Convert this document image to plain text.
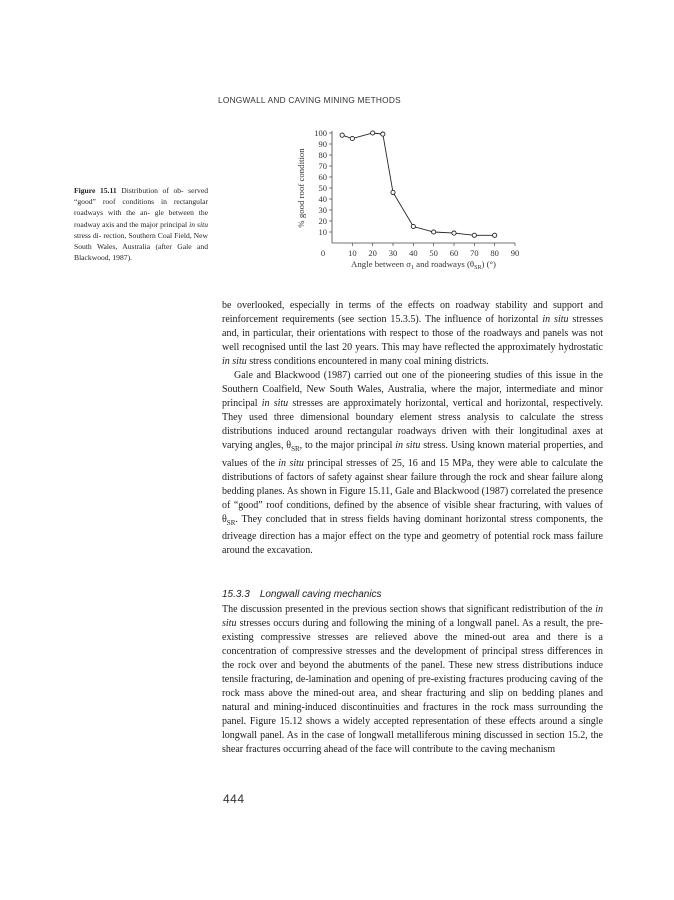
LONGWALL AND CAVING MINING METHODS
Figure 15.11 Distribution of ob- served “good” roof conditions in rectangular roadways with the an- gle between the roadway axis and the major principal in situ stress di- rection, Southern Coal Field, New South Wales, Australia (after Gale and Blackwood, 1987).
10
20
30
40
50
60
70
80
90
100
10 20 30 40 50 60 70 80 90
0
Angle between $\sigma_1$ and roadways $(\theta_{SR})$ (°)
% good roof condition

be overlooked, especially in terms of the effects on roadway stability and support and reinforcement requirements (see section 15.3.5). The influence of horizontal in situ stresses and, in particular, their orientations with respect to those of the roadways and panels was not well recognised until the last 20 years. This may have reflected the approximately hydrostatic in situ stress conditions encountered in many coal mining districts.

Gale and Blackwood (1987) carried out one of the pioneering studies of this issue in the Southern Coalfield, New South Wales, Australia, where the major, intermediate and minor principal in situ stresses are approximately horizontal, vertical and horizontal, respectively. They used three dimensional boundary element stress analysis to calculate the stress distributions induced around rectangular roadways driven with their longitudinal axes at varying angles, $\theta_{SR}$, to the major principal in situ stress. Using known material properties, and values of the in situ principal stresses of 25, 16 and 15 MPa, they were able to calculate the distributions of factors of safety against shear failure through the rock and shear failure along bedding planes. As shown in Figure 15.11, Gale and Blackwood (1987) correlated the presence of “good” roof conditions, defined by the absence of visible shear fracturing, with values of $\theta_{SR}$. They concluded that in stress fields having dominant horizontal stress components, the driveage direction has a major effect on the type and geometry of potential rock mass failure around the excavation.

15.3.3 Longwall caving mechanics

The discussion presented in the previous section shows that significant redistribution of the in situ stresses occurs during and following the mining of a longwall panel. As a result, the pre-existing compressive stresses are relieved above the mined-out area and there is a concentration of compressive stresses and the development of principal stress differences in the rock over and beyond the abutments of the panel. These new stress distributions induce tensile fracturing, de-lamination and opening of pre-existing fractures producing caving of the rock mass above the mined-out area, and shear fracturing and slip on bedding planes and natural and mining-induced discontinuities and fractures in the rock mass surrounding the panel. Figure 15.12 shows a widely accepted representation of these effects around a single longwall panel. As in the case of longwall metalliferous mining discussed in section 15.2, the shear fractures occurring ahead of the face will contribute to the caving mechanism

444
